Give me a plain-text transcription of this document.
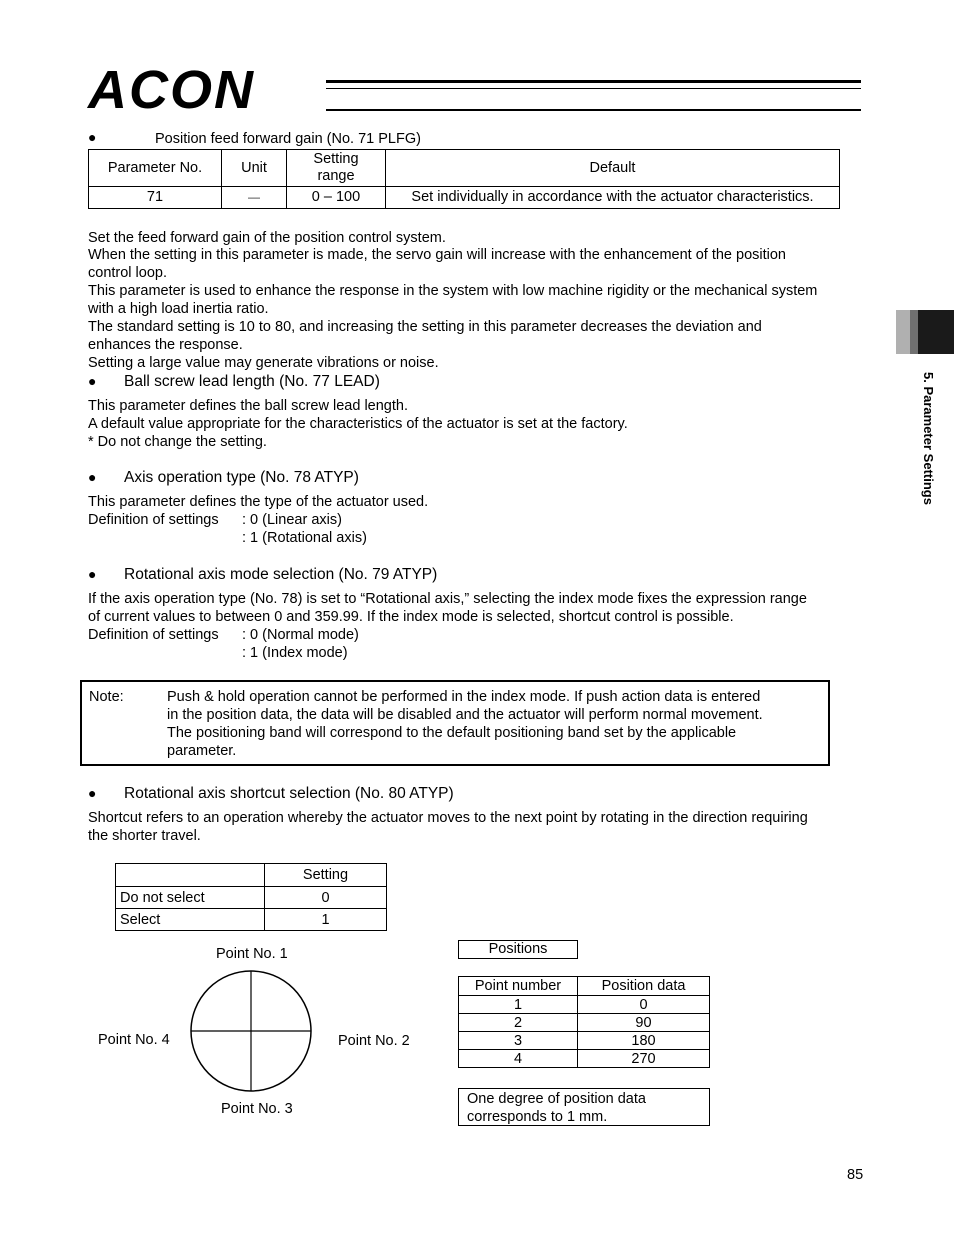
ACON
5. Parameter Settings
●	Position feed forward gain (No. 71 PLFG)
Parameter No.	Unit	Setting range	Default
71	—	0 – 100	Set individually in accordance with the actuator characteristics.
Set the feed forward gain of the position control system.
When the setting in this parameter is made, the servo gain will increase with the enhancement of the position
control loop.
This parameter is used to enhance the response in the system with low machine rigidity or the mechanical system
with a high load inertia ratio.
The standard setting is 10 to 80, and increasing the setting in this parameter decreases the deviation and
enhances the response.
Setting a large value may generate vibrations or noise.
● Ball screw lead length (No. 77 LEAD)
This parameter defines the ball screw lead length.
A default value appropriate for the characteristics of the actuator is set at the factory.
* Do not change the setting.
● Axis operation type (No. 78 ATYP)
This parameter defines the type of the actuator used.
Definition of settings : 0 (Linear axis)
: 1 (Rotational axis)
● Rotational axis mode selection (No. 79 ATYP)
If the axis operation type (No. 78) is set to “Rotational axis,” selecting the index mode fixes the expression range
of current values to between 0 and 359.99. If the index mode is selected, shortcut control is possible.
Definition of settings : 0 (Normal mode)
: 1 (Index mode)
Note:	Push & hold operation cannot be performed in the index mode. If push action data is entered
in the position data, the data will be disabled and the actuator will perform normal movement.
The positioning band will correspond to the default positioning band set by the applicable
parameter.
● Rotational axis shortcut selection (No. 80 ATYP)
Shortcut refers to an operation whereby the actuator moves to the next point by rotating in the direction requiring
the shorter travel.
	Setting
Do not select	0
Select	1
Point No. 1
Point No. 2
Point No. 3
Point No. 4
Positions
Point number	Position data
1	0
2	90
3	180
4	270
One degree of position data
corresponds to 1 mm.
85
